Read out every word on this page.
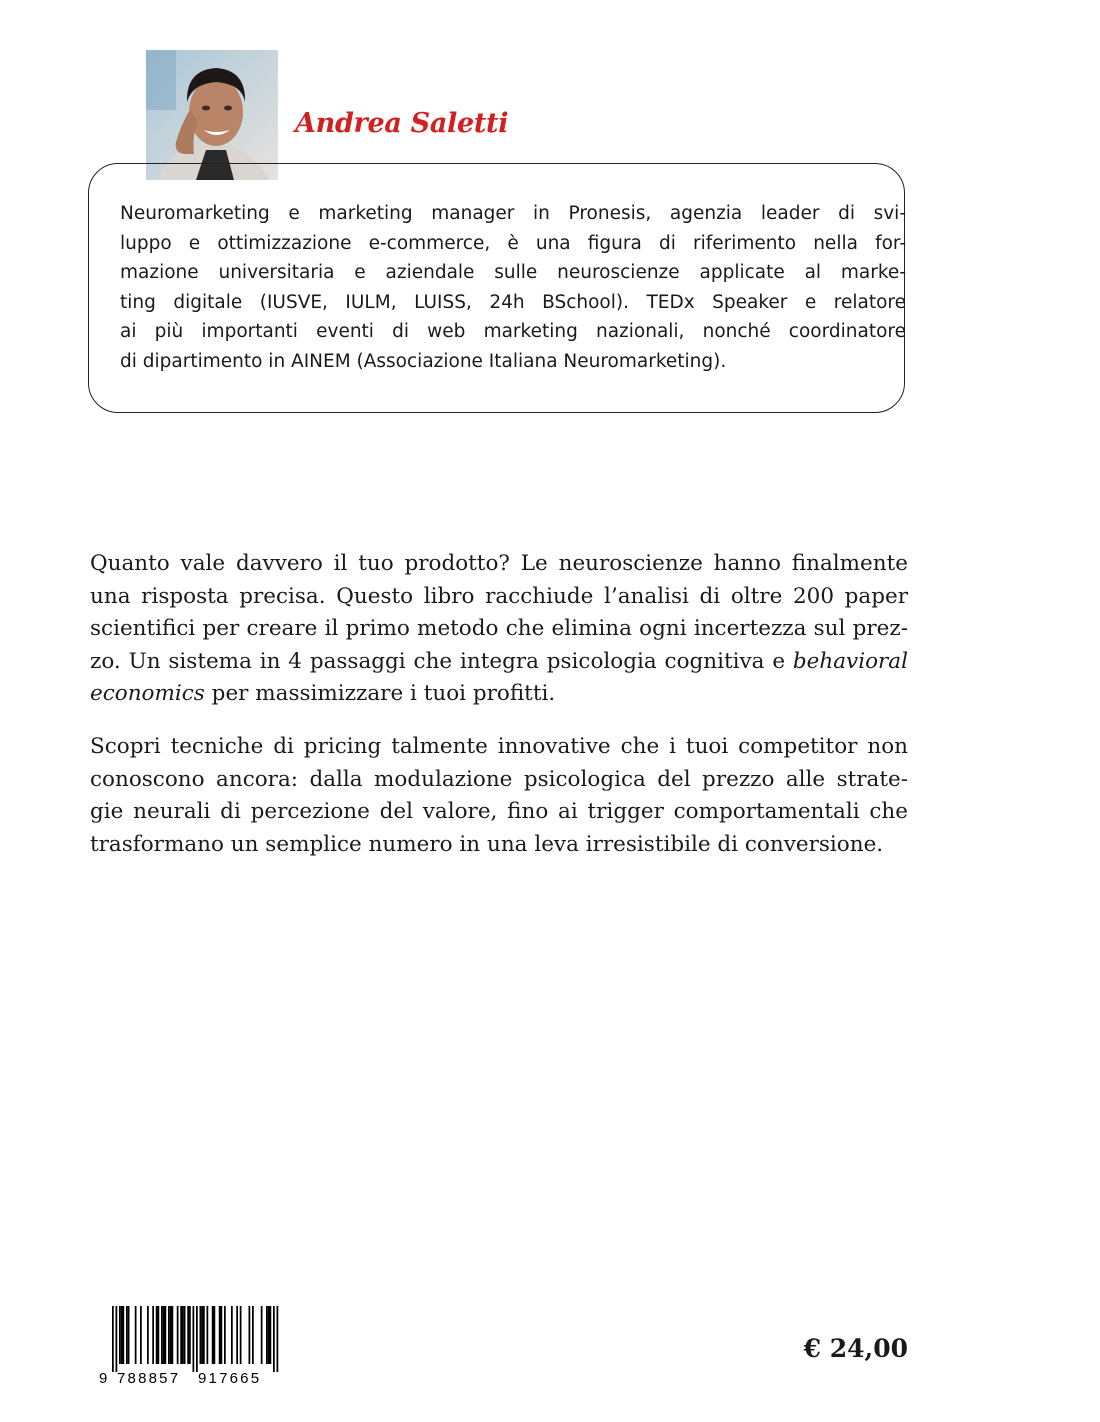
Andrea Saletti

Neuromarketing e marketing manager in Pronesis, agenzia leader di svi-
luppo e ottimizzazione e-commerce, è una figura di riferimento nella for-
mazione universitaria e aziendale sulle neuroscienze applicate al marke-
ting digitale (IUSVE, IULM, LUISS, 24h BSchool). TEDx Speaker e relatore
ai più importanti eventi di web marketing nazionali, nonché coordinatore
di dipartimento in AINEM (Associazione Italiana Neuromarketing).

Quanto vale davvero il tuo prodotto? Le neuroscienze hanno finalmente
una risposta precisa. Questo libro racchiude l’analisi di oltre 200 paper
scientifici per creare il primo metodo che elimina ogni incertezza sul prez-
zo. Un sistema in 4 passaggi che integra psicologia cognitiva e behavioral
economics per massimizzare i tuoi profitti.

Scopri tecniche di pricing talmente innovative che i tuoi competitor non
conoscono ancora: dalla modulazione psicologica del prezzo alle strate-
gie neurali di percezione del valore, fino ai trigger comportamentali che
trasformano un semplice numero in una leva irresistibile di conversione.

9 788857 917665
€ 24,00
